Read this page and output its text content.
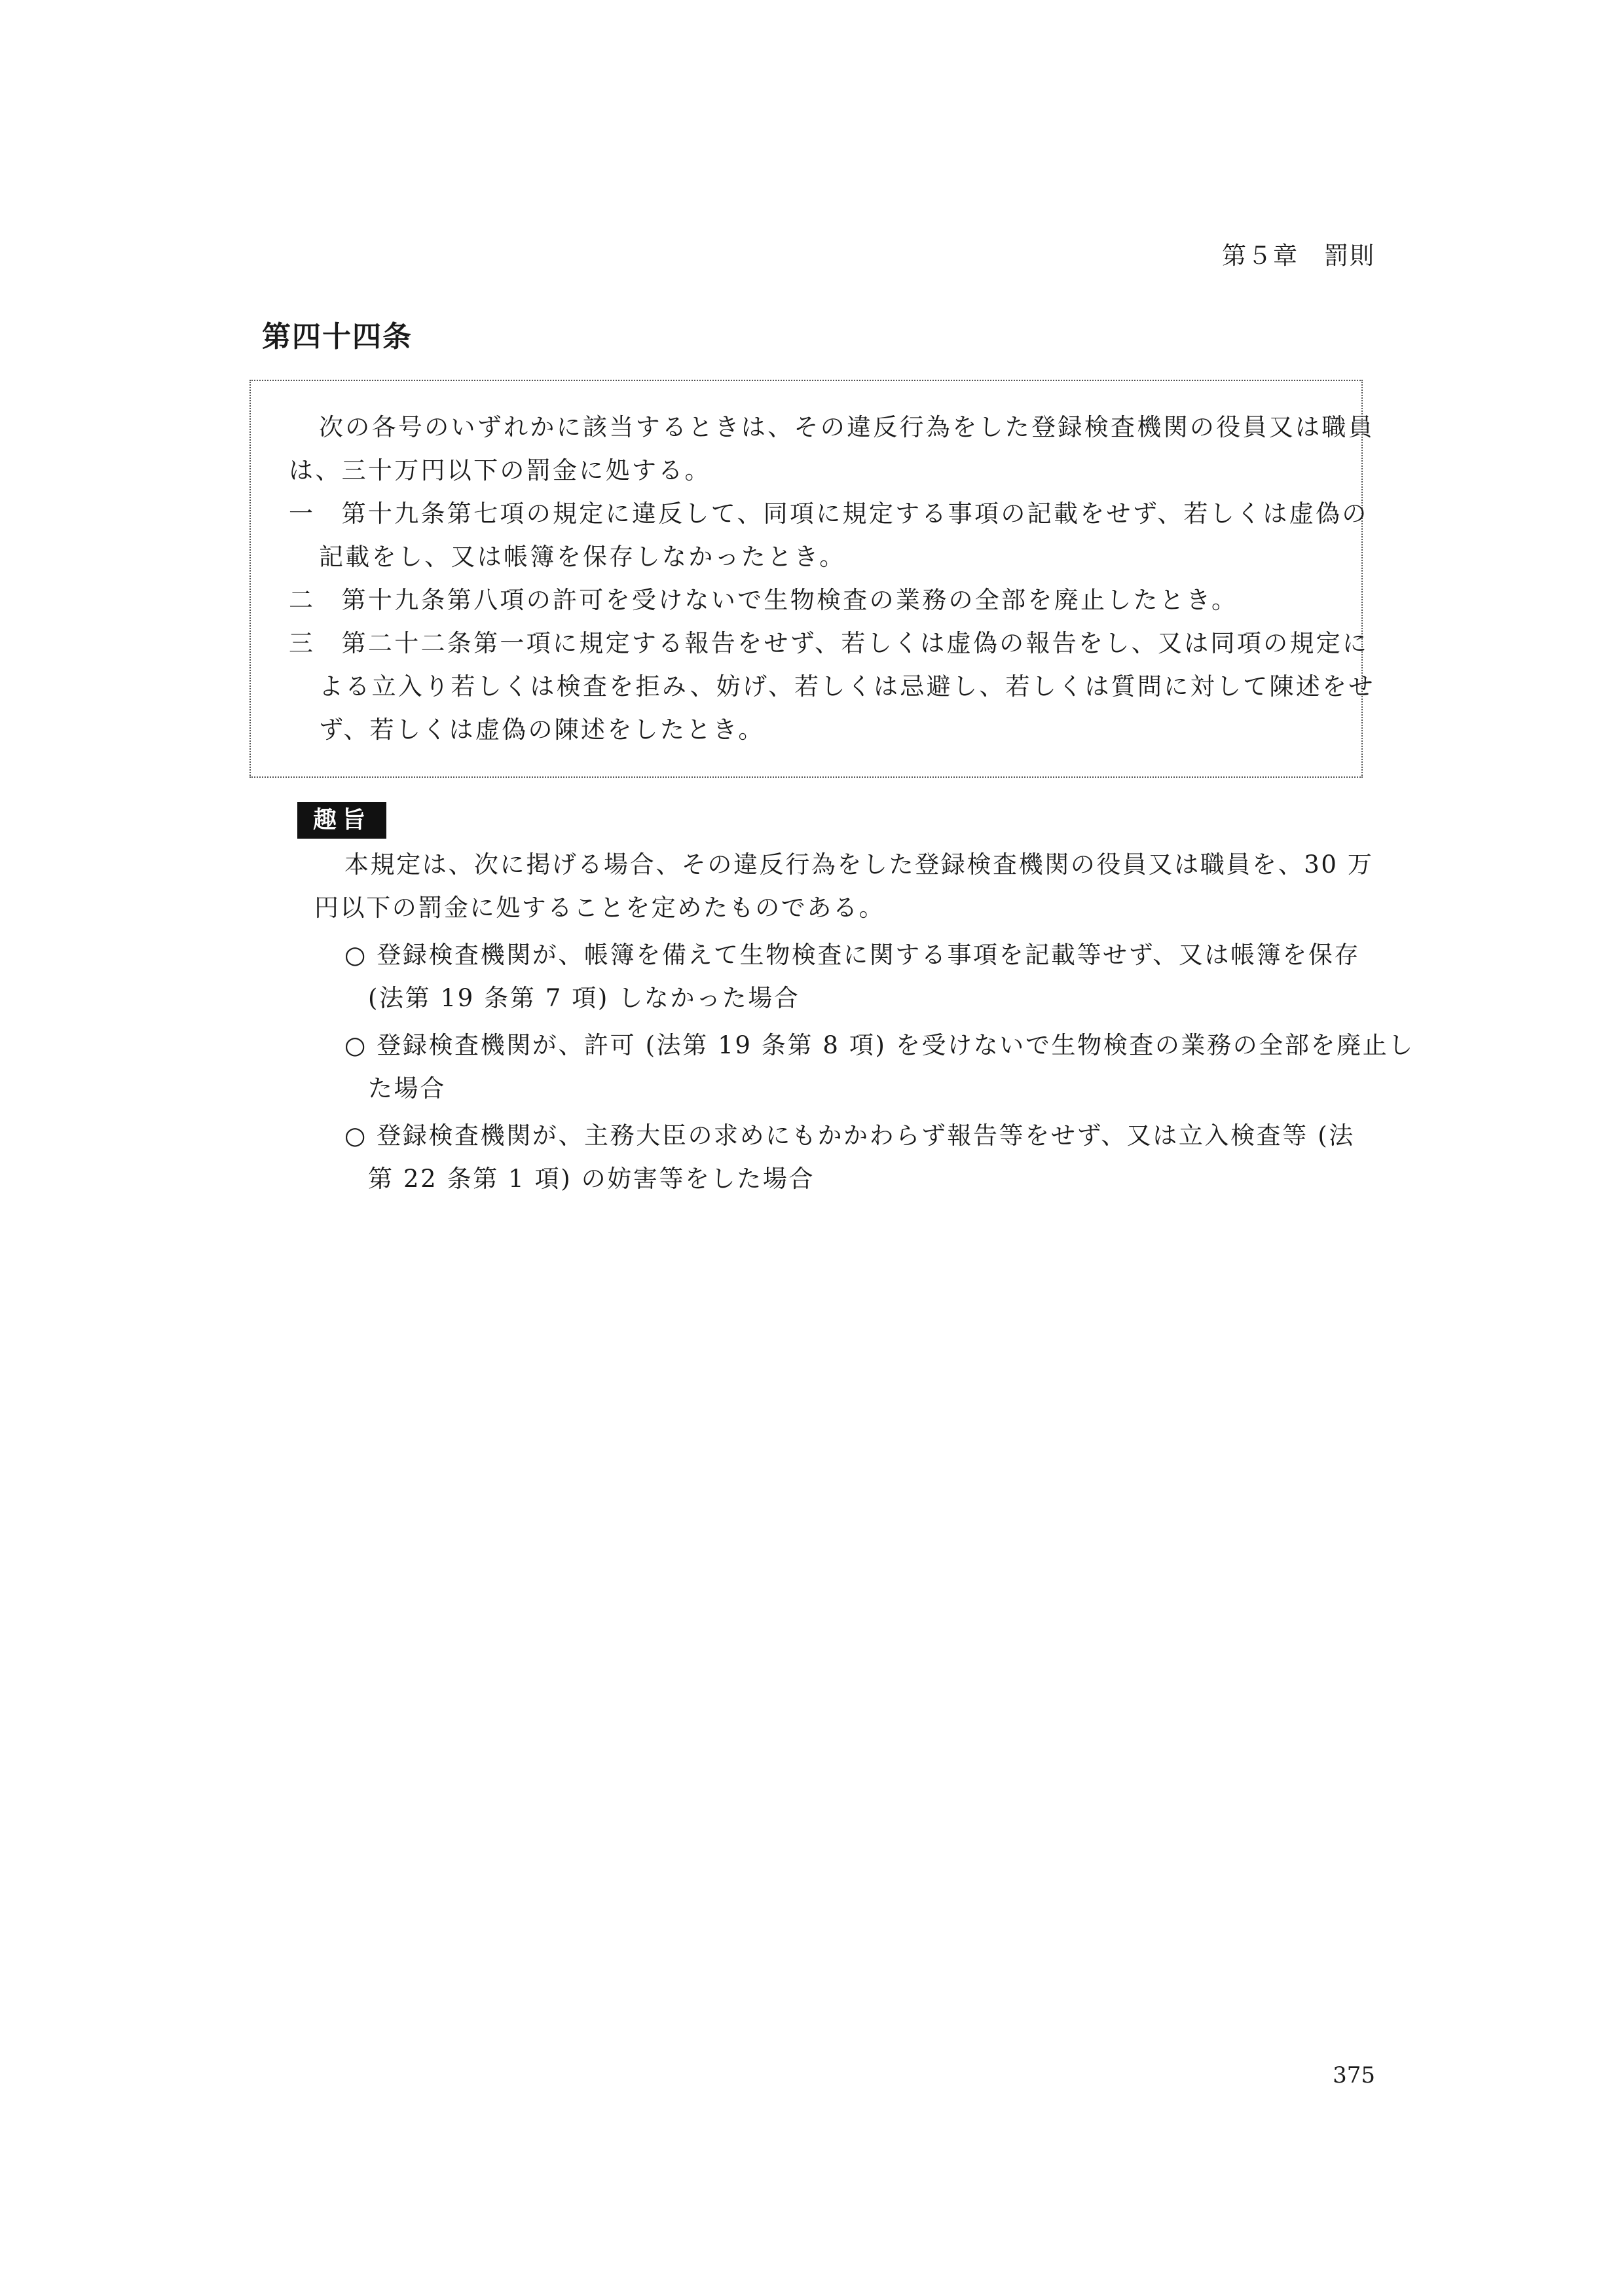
第５章　罰則
第四十四条
次の各号のいずれかに該当するときは、その違反行為をした登録検査機関の役員又は職員
は、三十万円以下の罰金に処する。
一　第十九条第七項の規定に違反して、同項に規定する事項の記載をせず、若しくは虚偽の
記載をし、又は帳簿を保存しなかったとき。
二　第十九条第八項の許可を受けないで生物検査の業務の全部を廃止したとき。
三　第二十二条第一項に規定する報告をせず、若しくは虚偽の報告をし、又は同項の規定に
よる立入り若しくは検査を拒み、妨げ、若しくは忌避し、若しくは質問に対して陳述をせ
ず、若しくは虚偽の陳述をしたとき。
趣旨
本規定は、次に掲げる場合、その違反行為をした登録検査機関の役員又は職員を、30 万
円以下の罰金に処することを定めたものである。
○ 登録検査機関が、帳簿を備えて生物検査に関する事項を記載等せず、又は帳簿を保存
(法第 19 条第 7 項) しなかった場合
○ 登録検査機関が、許可 (法第 19 条第 8 項) を受けないで生物検査の業務の全部を廃止し
た場合
○ 登録検査機関が、主務大臣の求めにもかかわらず報告等をせず、又は立入検査等 (法
第 22 条第 1 項) の妨害等をした場合
375
